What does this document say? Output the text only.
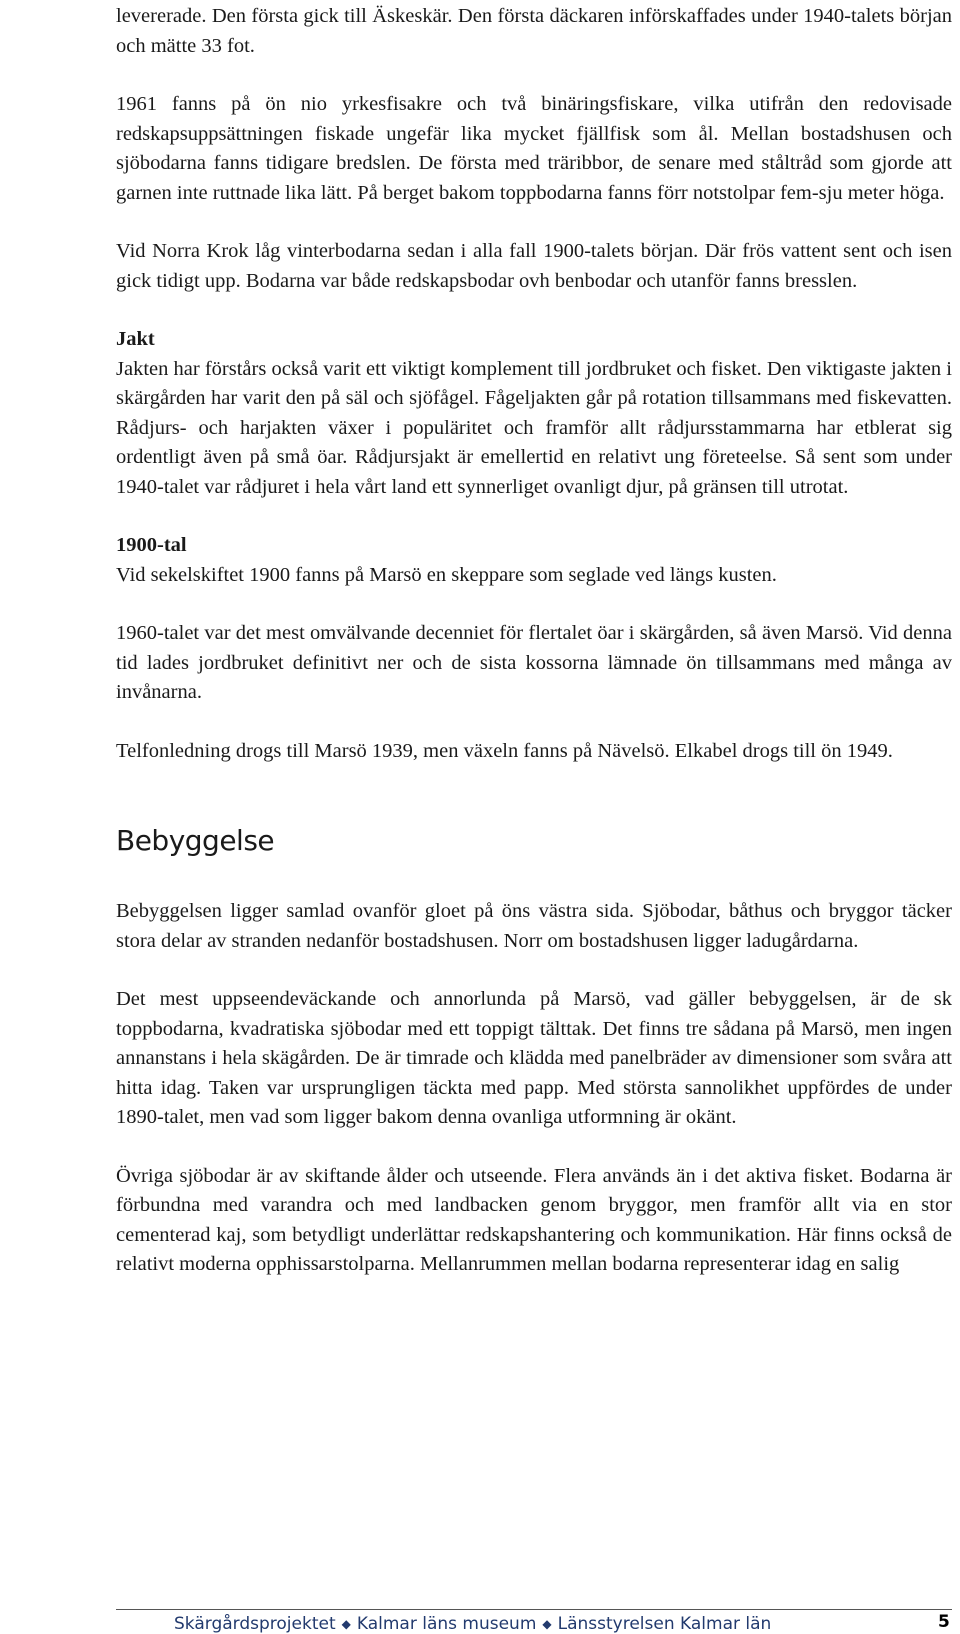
levererade. Den första gick till Äskeskär. Den första däckaren införskaffades under 1940-talets början och mätte 33 fot.

1961 fanns på ön nio yrkesfisakre och två binäringsfiskare, vilka utifrån den redovisade redskapsuppsättningen fiskade ungefär lika mycket fjällfisk som ål. Mellan bostadshusen och sjöbodarna fanns tidigare bredslen. De första med träribbor, de senare med ståltråd som gjorde att garnen inte ruttnade lika lätt. På berget bakom toppbodarna fanns förr notstolpar fem-sju meter höga.

Vid Norra Krok låg vinterbodarna sedan i alla fall 1900-talets början. Där frös vattent sent och isen gick tidigt upp. Bodarna var både redskapsbodar ovh benbodar och utanför fanns bresslen.

Jakt

Jakten har förstårs också varit ett viktigt komplement till jordbruket och fisket. Den viktigaste jakten i skärgården har varit den på säl och sjöfågel. Fågeljakten går på rotation tillsammans med fiskevatten. Rådjurs- och harjakten växer i populäritet och framför allt rådjursstammarna har etblerat sig ordentligt även på små öar. Rådjursjakt är emellertid en relativt ung företeelse. Så sent som under 1940-talet var rådjuret i hela vårt land ett synnerliget ovanligt djur, på gränsen till utrotat.

1900-tal

Vid sekelskiftet 1900 fanns på Marsö en skeppare som seglade ved längs kusten.

1960-talet var det mest omvälvande decenniet för flertalet öar i skärgården, så även Marsö. Vid denna tid lades jordbruket definitivt ner och de sista kossorna lämnade ön tillsammans med många av invånarna.

Telfonledning drogs till Marsö 1939, men växeln fanns på Nävelsö. Elkabel drogs till ön 1949.

Bebyggelse

Bebyggelsen ligger samlad ovanför gloet på öns västra sida. Sjöbodar, båthus och bryggor täcker stora delar av stranden nedanför bostadshusen. Norr om bostadshusen ligger ladugårdarna.

Det mest uppseendeväckande och annorlunda på Marsö, vad gäller bebyggelsen, är de sk toppbodarna, kvadratiska sjöbodar med ett toppigt tälttak. Det finns tre sådana på Marsö, men ingen annanstans i hela skägården. De är timrade och klädda med panelbräder av dimensioner som svåra att hitta idag. Taken var ursprungligen täckta med papp. Med största sannolikhet uppfördes de under 1890-talet, men vad som ligger bakom denna ovanliga utformning är okänt.

Övriga sjöbodar är av skiftande ålder och utseende. Flera används än i det aktiva fisket. Bodarna är förbundna med varandra och med landbacken genom bryggor, men framför allt via en stor cementerad kaj, som betydligt underlättar redskapshantering och kommunikation. Här finns också de relativt moderna opphissarstolparna. Mellanrummen mellan bodarna representerar idag en salig

Skärgårdsprojektet ◆ Kalmar läns museum ◆ Länsstyrelsen Kalmar län	5
